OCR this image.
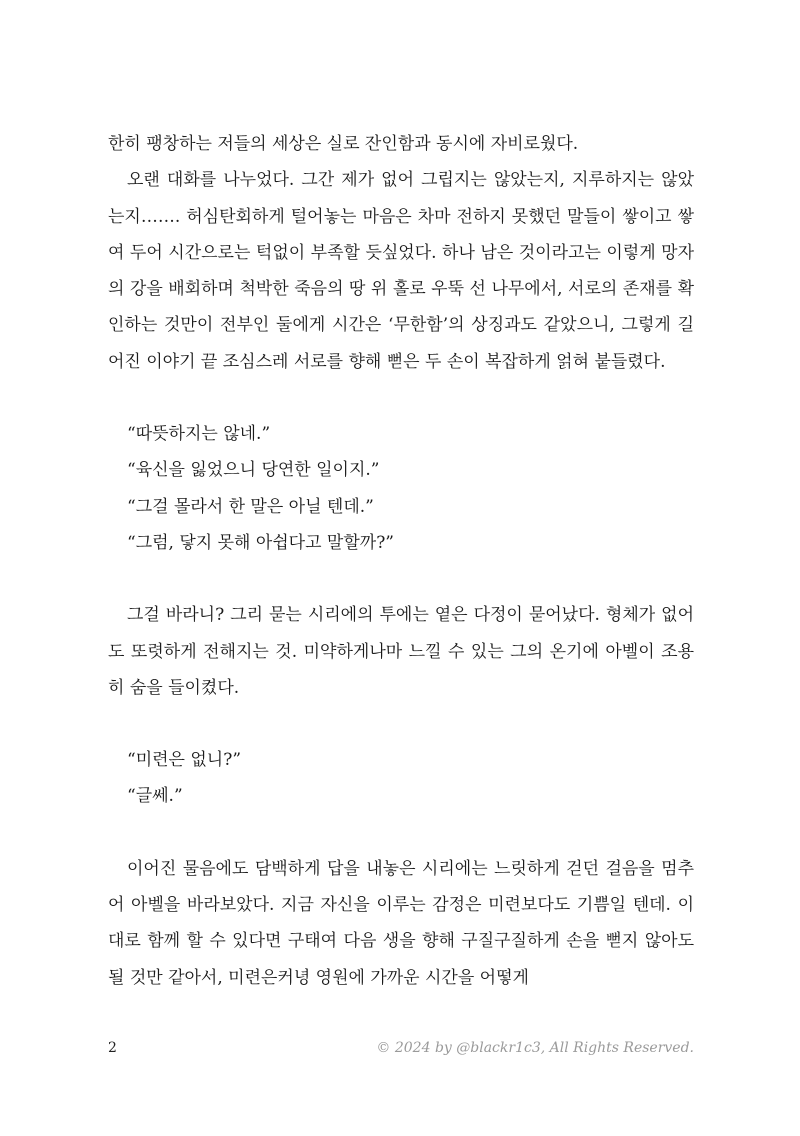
한히 팽창하는 저들의 세상은 실로 잔인함과 동시에 자비로웠다.

오랜 대화를 나누었다. 그간 제가 없어 그립지는 않았는지, 지루하지는 않았는지……. 허심탄회하게 털어놓는 마음은 차마 전하지 못했던 말들이 쌓이고 쌓여 두어 시간으로는 턱없이 부족할 듯싶었다. 하나 남은 것이라고는 이렇게 망자의 강을 배회하며 척박한 죽음의 땅 위 홀로 우뚝 선 나무에서, 서로의 존재를 확인하는 것만이 전부인 둘에게 시간은 ‘무한함’의 상징과도 같았으니, 그렇게 길어진 이야기 끝 조심스레 서로를 향해 뻗은 두 손이 복잡하게 얽혀 붙들렸다.

“따뜻하지는 않네.”

“육신을 잃었으니 당연한 일이지.”

“그걸 몰라서 한 말은 아닐 텐데.”

“그럼, 닿지 못해 아쉽다고 말할까?”

그걸 바라니? 그리 묻는 시리에의 투에는 옅은 다정이 묻어났다. 형체가 없어도 또렷하게 전해지는 것. 미약하게나마 느낄 수 있는 그의 온기에 아벨이 조용히 숨을 들이켰다.

“미련은 없니?”

“글쎄.”

이어진 물음에도 담백하게 답을 내놓은 시리에는 느릿하게 걷던 걸음을 멈추어 아벨을 바라보았다. 지금 자신을 이루는 감정은 미련보다도 기쁨일 텐데. 이대로 함께 할 수 있다면 구태여 다음 생을 향해 구질구질하게 손을 뻗지 않아도 될 것만 같아서, 미련은커녕 영원에 가까운 시간을 어떻게

2	© 2024 by @blackr1c3, All Rights Reserved.
